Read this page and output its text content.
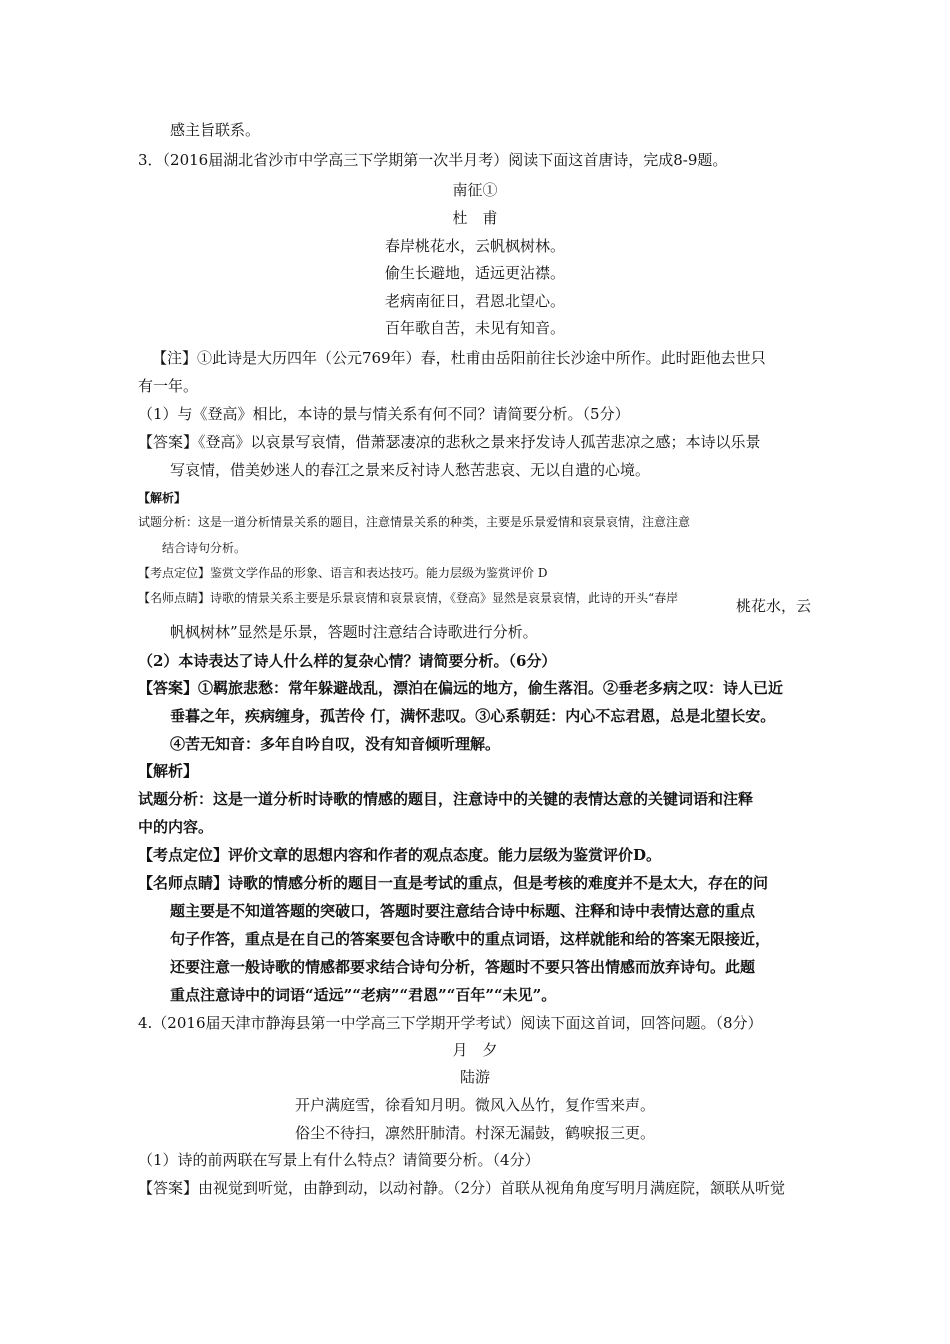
感主旨联系。
3．（2016届湖北省沙市中学高三下学期第一次半月考）阅读下面这首唐诗，完成8-9题。
南征①
杜　甫
春岸桃花水，云帆枫树林。
偷生长避地，适远更沾襟。
老病南征日，君恩北望心。
百年歌自苦，未见有知音。
【注】①此诗是大历四年（公元769年）春，杜甫由岳阳前往长沙途中所作。此时距他去世只
有一年。
（1）与《登高》相比，本诗的景与情关系有何不同？请简要分析。（5分）
【答案】《登高》以哀景写哀情，借萧瑟凄凉的悲秋之景来抒发诗人孤苦悲凉之感；本诗以乐景
写哀情，借美妙迷人的春江之景来反衬诗人愁苦悲哀、无以自遣的心境。
【解析】
试题分析：这是一道分析情景关系的题目，注意情景关系的种类，主要是乐景爱情和哀景哀情，注意注意
结合诗句分析。
【考点定位】鉴赏文学作品的形象、语言和表达技巧。能力层级为鉴赏评价 D
【名师点睛】诗歌的情景关系主要是乐景哀情和哀景哀情，《登高》显然是哀景哀情，此诗的开头“春岸	桃花水，云
帆枫树林”显然是乐景，答题时注意结合诗歌进行分析。
（2）本诗表达了诗人什么样的复杂心情？请简要分析。（6分）
【答案】①羁旅悲愁：常年躲避战乱，漂泊在偏远的地方，偷生落泪。②垂老多病之叹：诗人已近
垂暮之年，疾病缠身，孤苦伶 仃，满怀悲叹。③心系朝廷：内心不忘君恩，总是北望长安。
④苦无知音：多年自吟自叹，没有知音倾听理解。
【解析】
试题分析：这是一道分析时诗歌的情感的题目，注意诗中的关键的表情达意的关键词语和注释
中的内容。
【考点定位】评价文章的思想内容和作者的观点态度。能力层级为鉴赏评价D。
【名师点睛】诗歌的情感分析的题目一直是考试的重点，但是考核的难度并不是太大，存在的问
题主要是不知道答题的突破口，答题时要注意结合诗中标题、注释和诗中表情达意的重点
句子作答，重点是在自己的答案要包含诗歌中的重点词语，这样就能和给的答案无限接近，
还要注意一般诗歌的情感都要求结合诗句分析，答题时不要只答出情感而放弃诗句。此题
重点注意诗中的词语“适远”“老病”“君恩”“百年”“未见”。
4.（2016届天津市静海县第一中学高三下学期开学考试）阅读下面这首词，回答问题。（8分）
月　夕
陆游
开户满庭雪，徐看知月明。微风入丛竹，复作雪来声。
俗尘不待扫，凛然肝肺清。村深无漏鼓，鹤唳报三更。
（1）诗的前两联在写景上有什么特点？请简要分析。（4分）
【答案】由视觉到听觉，由静到动，以动衬静。（2分）首联从视角角度写明月满庭院，颔联从听觉
